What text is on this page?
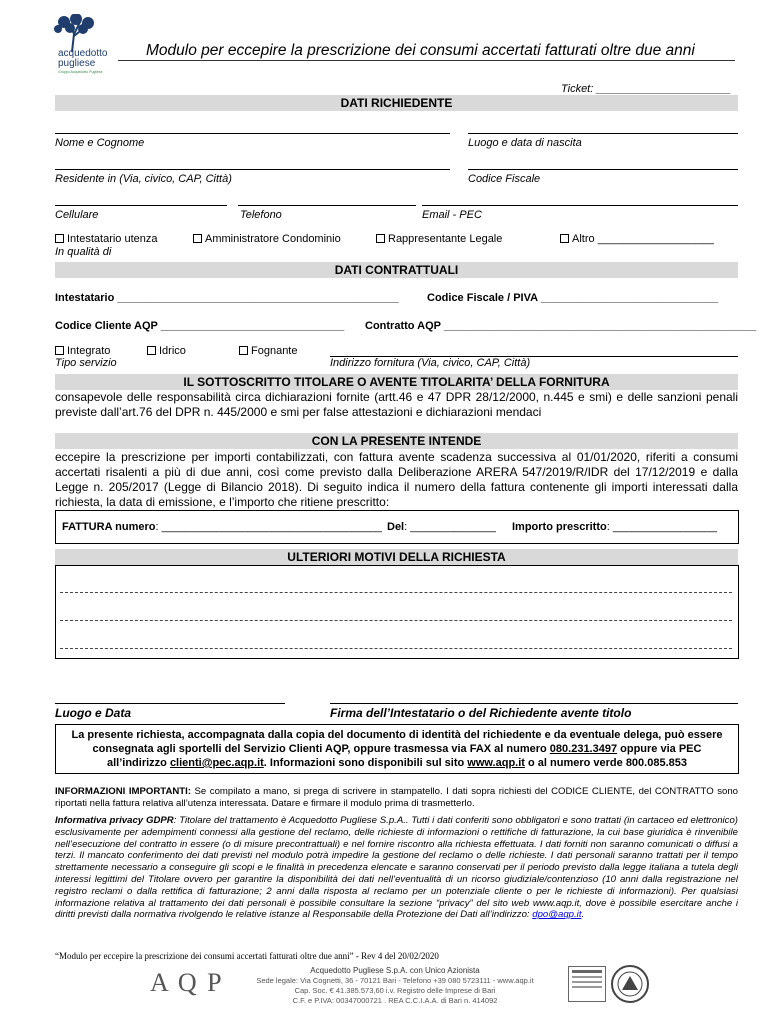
acquedotto
pugliese
Gruppo Acquedotto Pugliese
Modulo per eccepire la prescrizione dei consumi accertati fatturati oltre due anni
Ticket: ______________________
DATI RICHIEDENTE
Nome e Cognome	Luogo e data di nascita
Residente in (Via, civico, CAP, Città)	Codice Fiscale
Cellulare	Telefono	Email - PEC
Intestatario utenza	Amministratore Condominio	Rappresentante Legale	Altro ___________________
In qualità di
DATI CONTRATTUALI
Intestatario ______________________________________________	Codice Fiscale / PIVA _____________________________
Codice Cliente AQP ______________________________ Contratto AQP ___________________________________________________
Integrato	Idrico	Fognante
Tipo servizio	Indirizzo fornitura (Via, civico, CAP, Città)
IL SOTTOSCRITTO TITOLARE O AVENTE TITOLARITA’ DELLA FORNITURA
consapevole delle responsabilità circa dichiarazioni fornite (artt.46 e 47 DPR 28/12/2000, n.445 e smi) e delle sanzioni penali previste dall’art.76 del DPR n. 445/2000 e smi per false attestazioni e dichiarazioni mendaci
CON LA PRESENTE INTENDE
eccepire la prescrizione per importi contabilizzati, con fattura avente scadenza successiva al 01/01/2020, riferiti a consumi accertati risalenti a più di due anni, così come previsto dalla Deliberazione ARERA 547/2019/R/IDR del 17/12/2019 e dalla Legge n. 205/2017 (Legge di Bilancio 2018). Di seguito indica il numero della fattura contenente gli importi interessati dalla richiesta, la data di emissione, e l’importo che ritiene prescritto:
FATTURA numero: ____________________________________ Del: ______________ Importo prescritto: _________________
ULTERIORI MOTIVI DELLA RICHIESTA
Luogo e Data	Firma dell’Intestatario o del Richiedente avente titolo
La presente richiesta, accompagnata dalla copia del documento di identità del richiedente e da eventuale delega, può essere consegnata agli sportelli del Servizio Clienti AQP, oppure trasmessa via FAX al numero 080.231.3497 oppure via PEC all’indirizzo clienti@pec.aqp.it. Informazioni sono disponibili sul sito www.aqp.it o al numero verde 800.085.853
INFORMAZIONI IMPORTANTI: Se compilato a mano, si prega di scrivere in stampatello. I dati sopra richiesti del CODICE CLIENTE, del CONTRATTO sono riportati nella fattura relativa all’utenza interessata. Datare e firmare il modulo prima di trasmetterlo.
Informativa privacy GDPR: Titolare del trattamento è Acquedotto Pugliese S.p.A.. Tutti i dati conferiti sono obbligatori e sono trattati (in cartaceo ed elettronico) esclusivamente per adempimenti connessi alla gestione del reclamo, delle richieste di informazioni o rettifiche di fatturazione, la cui base giuridica è rinvenibile nell’esecuzione del contratto in essere (o di misure precontrattuali) e nel fornire riscontro alla richiesta effettuata. I dati forniti non saranno comunicati o diffusi a terzi. Il mancato conferimento dei dati previsti nel modulo potrà impedire la gestione del reclamo o delle richieste. I dati personali saranno trattati per il tempo strettamente necessario a conseguire gli scopi e le finalità in precedenza elencate e saranno conservati per il periodo previsto dalla legge italiana a tutela degli interessi legittimi del Titolare ovvero per garantire la disponibilità dei dati nell’eventualità di un ricorso giudiziale/contenzioso (10 anni dalla registrazione nel registro reclami o dalla rettifica di fatturazione; 2 anni dalla risposta al reclamo per un potenziale cliente o per le richieste di informazioni). Per qualsiasi informazione relativa al trattamento dei dati personali è possibile consultare la sezione “privacy” del sito web www.aqp.it, dove è possibile esercitare anche i diritti previsti dalla normativa rivolgendo le relative istanze al Responsabile della Protezione dei Dati all’indirizzo: dpo@aqp.it.
“Modulo per eccepire la prescrizione dei consumi accertati fatturati oltre due anni” - Rev 4 del 20/02/2020
A Q P	Acquedotto Pugliese S.p.A. con Unico Azionista
Sede legale: Via Cognetti, 36 - 70121 Bari - Telefono +39 080 5723111 - www.aqp.it
Cap. Soc. € 41.385.573,60 i.v. Registro delle Imprese di Bari
C.F. e P.IVA: 00347000721 . REA C.C.I.A.A. di Bari n. 414092
